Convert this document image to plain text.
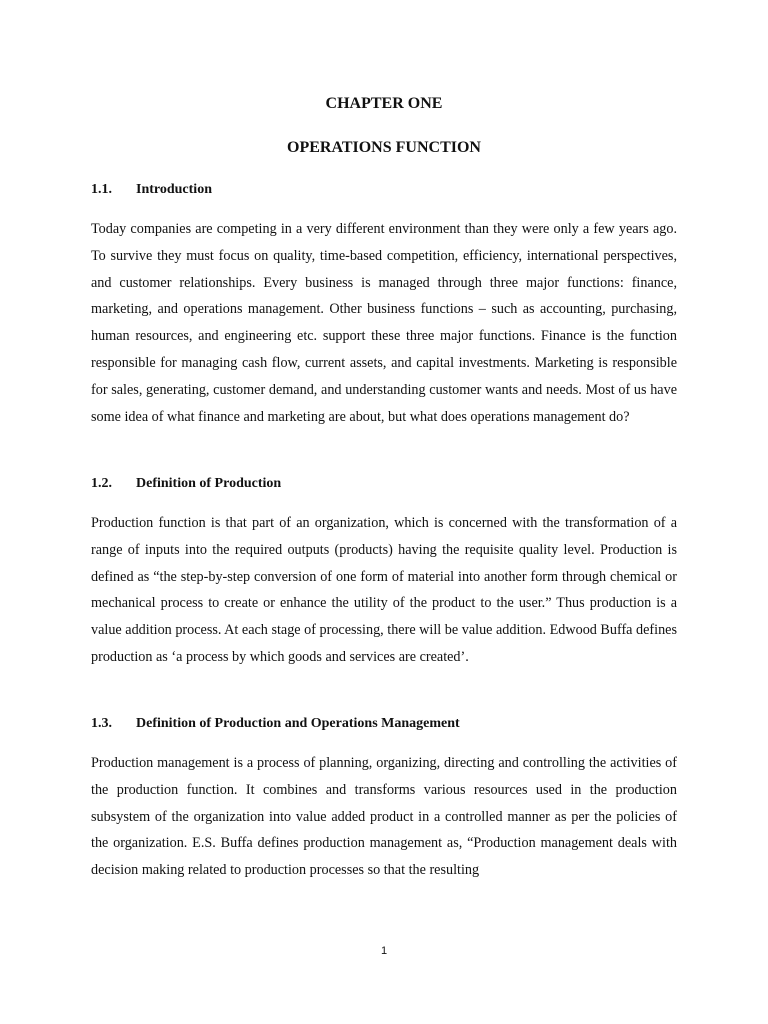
CHAPTER ONE
OPERATIONS FUNCTION
1.1. Introduction

Today companies are competing in a very different environment than they were only a few years ago. To survive they must focus on quality, time-based competition, efficiency, international perspectives, and customer relationships. Every business is managed through three major functions: finance, marketing, and operations management. Other business functions – such as accounting, purchasing, human resources, and engineering etc. support these three major functions. Finance is the function responsible for managing cash flow, current assets, and capital investments. Marketing is responsible for sales, generating, customer demand, and understanding customer wants and needs. Most of us have some idea of what finance and marketing are about, but what does operations management do?

1.2. Definition of Production

Production function is that part of an organization, which is concerned with the transformation of a range of inputs into the required outputs (products) having the requisite quality level. Production is defined as “the step-by-step conversion of one form of material into another form through chemical or mechanical process to create or enhance the utility of the product to the user.” Thus production is a value addition process. At each stage of processing, there will be value addition. Edwood Buffa defines production as ‘a process by which goods and services are created’.

1.3. Definition of Production and Operations Management

Production management is a process of planning, organizing, directing and controlling the activities of the production function. It combines and transforms various resources used in the production subsystem of the organization into value added product in a controlled manner as per the policies of the organization. E.S. Buffa defines production management as, “Production management deals with decision making related to production processes so that the resulting

1
